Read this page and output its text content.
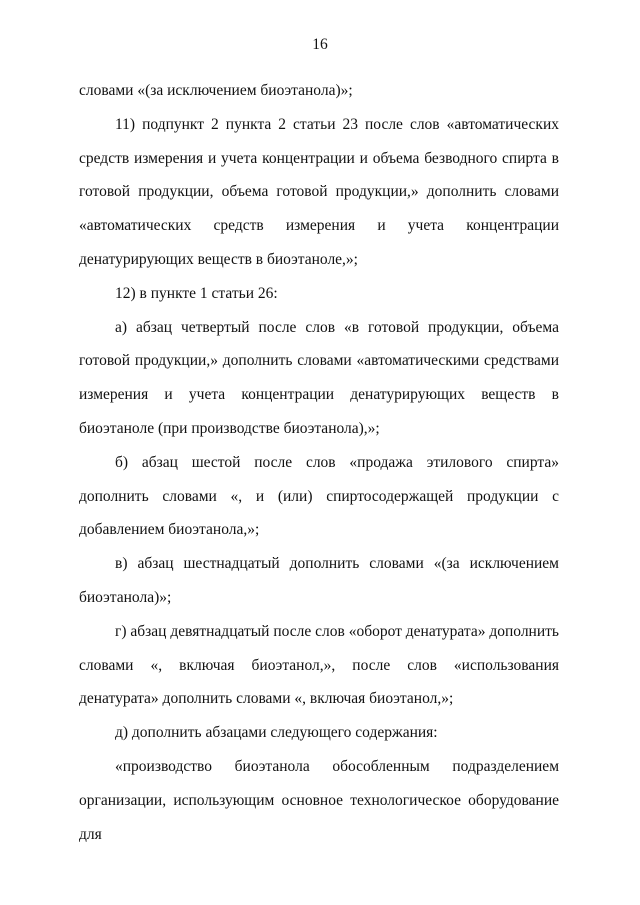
16

словами «(за исключением биоэтанола)»;

11) подпункт 2 пункта 2 статьи 23 после слов «автоматических средств измерения и учета концентрации и объема безводного спирта в готовой продукции, объема готовой продукции,» дополнить словами «автоматических средств измерения и учета концентрации денатурирующих веществ в биоэтаноле,»;

12) в пункте 1 статьи 26:

а) абзац четвертый после слов «в готовой продукции, объема готовой продукции,» дополнить словами «автоматическими средствами измерения и учета концентрации денатурирующих веществ в биоэтаноле (при производстве биоэтанола),»;

б) абзац шестой после слов «продажа этилового спирта» дополнить словами «, и (или) спиртосодержащей продукции с добавлением биоэтанола,»;

в) абзац шестнадцатый дополнить словами «(за исключением биоэтанола)»;

г) абзац девятнадцатый после слов «оборот денатурата» дополнить словами «, включая биоэтанол,», после слов «использования денатурата» дополнить словами «, включая биоэтанол,»;

д) дополнить абзацами следующего содержания:

«производство биоэтанола обособленным подразделением организации, использующим основное технологическое оборудование для
